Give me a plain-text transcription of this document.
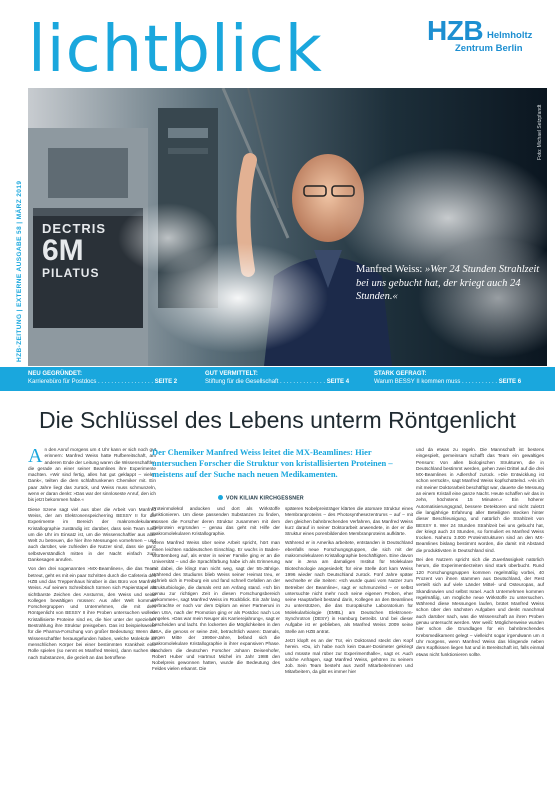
lichtblick	HZB Helmholtz
Zentrum Berlin
HZB-ZEITUNG | EXTERNE AUSGABE 58 | MÄRZ 2019 DECTRIS
6M
PILATUS
Foto: Michael Setzpfandt
Manfred Weiss: »Wer 24 Stunden Strahlzeit bei uns gebucht hat, der kriegt auch 24 Stunden.«
NEU GEGRÜNDET:
Karrierebüro für Postdocs . . . . . . . . . . . . . . . . . SEITE 2
GUT VERMITTELT:
Stiftung für die Gesellschaft . . . . . . . . . . . . . . SEITE 4
STARK GEFRAGT:
Warum BESSY II kommen muss . . . . . . . . . . . SEITE 6
Die Schlüssel des Lebens unterm Röntgenlicht

An den Anruf morgens um 4 Uhr kann er sich noch gut erinnern: Manfred Weiss hatte Rufbereitschaft, am anderen Ende der Leitung waren die Wissenschaftler, die gerade an einer seiner Beamlines ihre Experimente machten. »Wir sind fertig, alles hat gut geklappt – vielen Dank«, teilten die dem schlaftrunkenen Chemiker mit. Ein paar Jahre liegt das zurück, und Weiss muss schmunzeln, wenn er daran denkt: »Das war der sinnloseste Anruf, den ich bis jetzt bekommen habe.«

Diese Szene sagt viel aus über die Arbeit von Manfred Weiss, der am Elektronenspeicherring BESSY II für die Experimente im Bereich der makromolekularen Kristallographie zuständig ist: darüber, dass sein Team rund um die Uhr im Einsatz ist, um die Wissenschaftler aus aller Welt zu betreuen, die hier ihre Messungen vornehmen – und auch darüber, wie zufrieden die Nutzer sind, dass sie ganz selbstverständlich mitten in der Nacht einfach zum Dankesagen anrufen.

Von den drei sogenannten »MX-Beamlines«, die das Team betreut, geht es mit ein paar Schritten durch die Cafeteria des HZB und das Treppenhaus hinüber in das Büro von Manfred Weiss. Auf seinem Schreibtisch türmen sich Papierstapel als sichtbarste Zeichen des Ansturms, den Weiss und seine Kollegen bewältigen müssen: Aus aller Welt kommen Forschergruppen und Unternehmen, die mit dem Röntgenlicht von BESSY II ihre Proben untersuchen wollen. Kristallisierte Proteine sind es, die hier unter der speziellen Bestrahlung ihre Struktur preisgeben. Das ist beispielsweise für die Pharma-Forschung von großer Bedeutung: Wenn die Wissenschaftler herausgefunden haben, welche Moleküle im menschlichen Körper bei einer bestimmten Krankheit eine Rolle spielen (so nennt es Manfred Weiss), dann suchen sie nach Substanzen, die gezielt an das betroffene

Der Chemiker Manfred Weiss leitet die MX-Beamlines: Hier untersuchen Forscher die Struktur von kristallisierten Proteinen – meistens auf der Suche nach neuen Medikamenten.
VON KILIAN KIRCHGESSNER

Proteinmolekül andocken und dort als Wirkstoffe funktionieren. Um diese passenden Substanzen zu finden, müssen die Forscher deren Struktur zusammen mit dem Zielprotein ergründen – genau das geht mit Hilfe der makromolekularen Kristallographie.

Wenn Manfred Weiss über seine Arbeit spricht, hört man einen leichten süddeutschen Einschlag. Er wuchs in Baden-Württemberg auf, als erster in seiner Familie ging er an die Universität – und die Sprachfärbung habe ich als Erinnerung mit dabei, die klingt man nicht weg, sagt der 55-Jährige. Während des Studiums blieb Weiss seiner Heimat treu, er schrieb sich in Freiburg ein und fand schnell Gefallen an der Strukturbiologie, die damals erst am Anfang stand. »Ich bin genau zur richtigen Zeit in diesen Forschungsbereich gekommen«, sagt Manfred Weiss im Rückblick. Ein Jahr lang verbrachte er noch vor dem Diplom an einer Partneruni in den USA, nach der Promotion ging er als Postdoc nach Los Angeles. »Das war mein Neuger als Karrierejahrung«, sagt er bescheiden und lacht. Ihn lockerten die Möglichkeiten in den USA, die genoss er seine Zeit, betrachtlich waren: Damals, gegen Mitte der 1990er-Jahre, befand sich die makromolekulare Kristallographie in ihrer expansiven Phase. Nachdem die deutschen Forscher Johann Deisenhofer, Robert Huber und Hartmut Michel im Jahr 1988 den Nobelpreis gewonnen hatten, wurde die Bedeutung des Feldes vielen erkannt. Die

späteren Nobelpreisträger klärten die atomare Struktur eines Membranproteins – des Photosynthesezentrums – auf – mit den gleichen bahnbrechenden Verfahren, das Manfred Weiss kurz darauf in seiner Doktorarbeit anwendete, in der er die Struktur eines porenbildenden Membranproteins aufklärte.

Während er in Amerika arbeitete, entstanden in Deutschland ebenfalls neue Forschungsgruppen, die sich mit der makromolekularen Kristallographie beschäftigten. Eine davon war in Jena am damaligen Institut für Molekulare Biotechnologie angesiedelt; für eine Stelle dort kam Weiss 1996 wieder nach Deutschland zurück. Fünf Jahre später wechselte er die Seiten: »Ich wurde quasi vom Nutzer zum Betreiber der Beamline«, sagt er schmunzelnd – er selbst untersuchte nicht mehr noch seine eigenen Proben, eher seine Hauptarbeit bestand darin, Kollegen an den Beamlines zu unterstützen, die das Europäische Laboratorium für Molekularbiologie (EMBL) am Deutschen Elektronen-Synchrotron (DESY) in Hamburg betreibt. Und bei dieser Aufgabe ist er geblieben, als Manfred Weiss 2009 seine Stelle am HZB antrat.

Jetzt klopft es an der Tür, ein Doktorand steckt den Kopf herein. »Du, ich habe noch kein Dauer-Dosimeter gekriegt und müsste mal rüber zur Experimenthalle«, sagt er. Auch solche Anfragen, sagt Manfred Weiss, gehören zu seinem Job. Sein Team besteht aus zwölf Mitarbeiterinnen und Mitarbeitern, da gibt es immer hier

und da etwas zu regeln. Die Mannschaft ist bestens eingespielt, gemeinsam schafft das Team ein gewaltiges Pensum: Von allen biologischen Strukturen, die in Deutschland bestimmt werden, gehen zwei Drittel auf die drei MX-Beamlines in Adlershof zurück. »Die Entwicklung ist schon verrückt«, sagt Manfred Weiss kopfschüttelnd. »Als ich mit meiner Doktorarbeit beschäftigt war, dauerte die Messung an einem Kristall eine ganze Nacht. Heute schaffen wir das in zehn, höchstens 15 Minuten.« Ein höherer Automatisierungsgrad, bessere Detektoren und nicht zuletzt die langjährige Erfahrung aller Beteiligten stecken hinter dieser Beschleunigung, und natürlich die Strahlzeit von BESSY II. Wer 24 Stunden Strahlzeit bei uns gebucht hat, der kriegt auch 24 Stunden, so formuliert es Manfred Weiss trocken. Nahezu 3.000 Proteinstrukturen sind an den MX-Beamlines bislang bestimmt worden, die damit mit Abstand die produktivsten in Deutschland sind.

Bei den Nutzern spricht sich die Zuverlässigkeit natürlich herum, die Experimentierzeiten sind stark überbucht. Rund 120 Forschungsgruppen kommen regelmäßig vorbei, 40 Prozent von ihnen stammen aus Deutschland, der Rest verteilt sich auf viele Länder Mittel- und Osteuropas, auf Skandinavien und selbst Israel. Auch Unternehmen kommen regelmäßig, um mögliche neue Wirkstoffe zu untersuchen. Während diese Messungen laufen, brütet Manfred Weiss schon über den nächsten Aufgaben und denkt manchmal auch darüber nach, was die Wissenschaft an ihren Proben genau untersucht werden. Wer weiß: Möglicherweise wurden hier schon die Grundlagen für ein bahnbrechendes Krebsmedikament gelegt – vielleicht sogar irgendwann um 4 Uhr morgens, wenn Manfred Weiss das klingende neben dem Kopfkissen liegen hat und in Bereitschaft ist, falls einmal etwas nicht funktionieren sollte.
